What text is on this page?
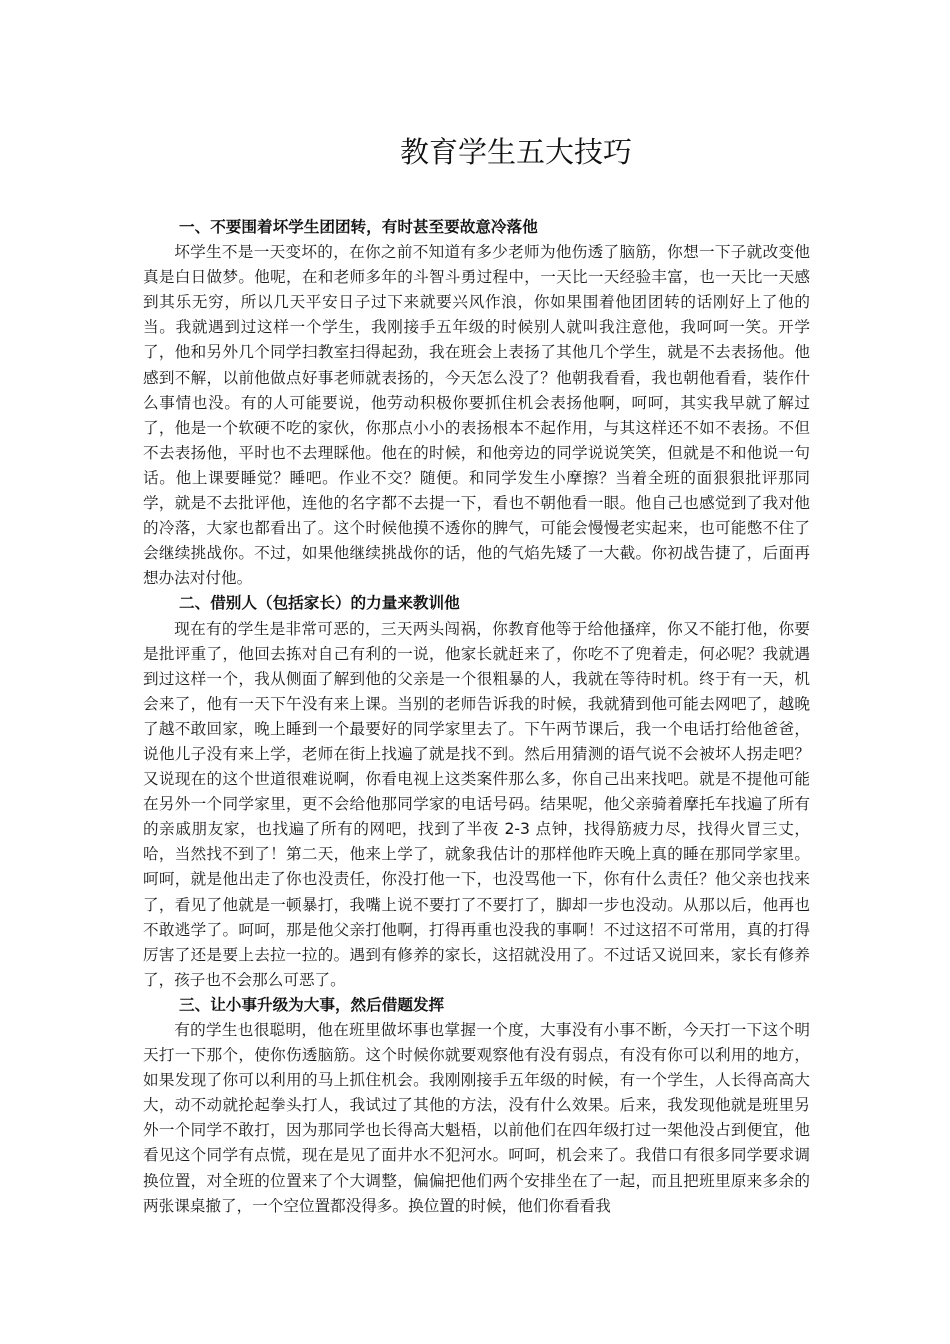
教育学生五大技巧
一、不要围着坏学生团团转，有时甚至要故意冷落他

坏学生不是一天变坏的，在你之前不知道有多少老师为他伤透了脑筋，你想一下子就改变他真是白日做梦。他呢，在和老师多年的斗智斗勇过程中，一天比一天经验丰富，也一天比一天感到其乐无穷，所以几天平安日子过下来就要兴风作浪，你如果围着他团团转的话刚好上了他的当。我就遇到过这样一个学生，我刚接手五年级的时候别人就叫我注意他，我呵呵一笑。开学了，他和另外几个同学扫教室扫得起劲，我在班会上表扬了其他几个学生，就是不去表扬他。他感到不解，以前他做点好事老师就表扬的，今天怎么没了？他朝我看看，我也朝他看看，装作什么事情也没。有的人可能要说，他劳动积极你要抓住机会表扬他啊，呵呵，其实我早就了解过了，他是一个软硬不吃的家伙，你那点小小的表扬根本不起作用，与其这样还不如不表扬。不但不去表扬他，平时也不去理睬他。他在的时候，和他旁边的同学说说笑笑，但就是不和他说一句话。他上课要睡觉？睡吧。作业不交？随便。和同学发生小摩擦？当着全班的面狠狠批评那同学，就是不去批评他，连他的名字都不去提一下，看也不朝他看一眼。他自己也感觉到了我对他的冷落，大家也都看出了。这个时候他摸不透你的脾气，可能会慢慢老实起来，也可能憋不住了会继续挑战你。不过，如果他继续挑战你的话，他的气焰先矮了一大截。你初战告捷了，后面再想办法对付他。

二、借别人（包括家长）的力量来教训他

现在有的学生是非常可恶的，三天两头闯祸，你教育他等于给他搔痒，你又不能打他，你要是批评重了，他回去拣对自己有利的一说，他家长就赶来了，你吃不了兜着走，何必呢？我就遇到过这样一个，我从侧面了解到他的父亲是一个很粗暴的人，我就在等待时机。终于有一天，机会来了，他有一天下午没有来上课。当别的老师告诉我的时候，我就猜到他可能去网吧了，越晚了越不敢回家，晚上睡到一个最要好的同学家里去了。下午两节课后，我一个电话打给他爸爸，说他儿子没有来上学，老师在街上找遍了就是找不到。然后用猜测的语气说不会被坏人拐走吧？又说现在的这个世道很难说啊，你看电视上这类案件那么多，你自己出来找吧。就是不提他可能在另外一个同学家里，更不会给他那同学家的电话号码。结果呢，他父亲骑着摩托车找遍了所有的亲戚朋友家，也找遍了所有的网吧，找到了半夜 2-3 点钟，找得筋疲力尽，找得火冒三丈，哈，当然找不到了！第二天，他来上学了，就象我估计的那样他昨天晚上真的睡在那同学家里。呵呵，就是他出走了你也没责任，你没打他一下，也没骂他一下，你有什么责任？他父亲也找来了，看见了他就是一顿暴打，我嘴上说不要打了不要打了，脚却一步也没动。从那以后，他再也不敢逃学了。呵呵，那是他父亲打他啊，打得再重也没我的事啊！不过这招不可常用，真的打得厉害了还是要上去拉一拉的。遇到有修养的家长，这招就没用了。不过话又说回来，家长有修养了，孩子也不会那么可恶了。

三、让小事升级为大事，然后借题发挥

有的学生也很聪明，他在班里做坏事也掌握一个度，大事没有小事不断，今天打一下这个明天打一下那个，使你伤透脑筋。这个时候你就要观察他有没有弱点，有没有你可以利用的地方，如果发现了你可以利用的马上抓住机会。我刚刚接手五年级的时候，有一个学生，人长得高高大大，动不动就抡起拳头打人，我试过了其他的方法，没有什么效果。后来，我发现他就是班里另外一个同学不敢打，因为那同学也长得高大魁梧，以前他们在四年级打过一架他没占到便宜，他看见这个同学有点慌，现在是见了面井水不犯河水。呵呵，机会来了。我借口有很多同学要求调换位置，对全班的位置来了个大调整，偏偏把他们两个安排坐在了一起，而且把班里原来多余的两张课桌撤了，一个空位置都没得多。换位置的时候，他们你看看我
